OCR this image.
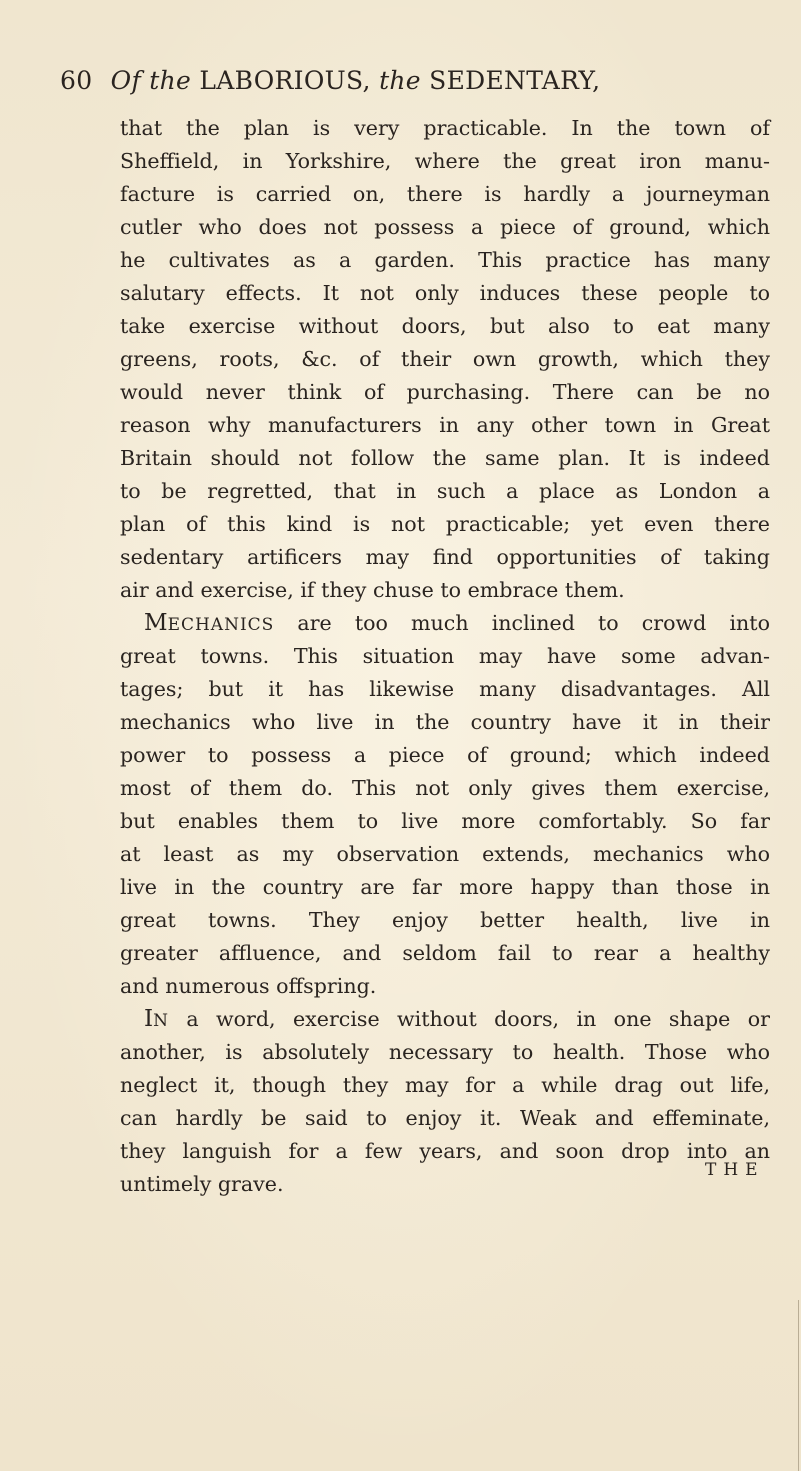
60 Of the LABORIOUS, the SEDENTARY,
that the plan is very practicable. In the town of
Sheffield, in Yorkshire, where the great iron manu-
facture is carried on, there is hardly a journeyman
cutler who does not possess a piece of ground, which
he cultivates as a garden. This practice has many
salutary effects. It not only induces these people to
take exercise without doors, but also to eat many
greens, roots, &c. of their own growth, which they
would never think of purchasing. There can be no
reason why manufacturers in any other town in Great
Britain should not follow the same plan. It is indeed
to be regretted, that in such a place as London a
plan of this kind is not practicable; yet even there
sedentary artificers may find opportunities of taking
air and exercise, if they chuse to embrace them.
MECHANICS are too much inclined to crowd into
great towns. This situation may have some advan-
tages; but it has likewise many disadvantages. All
mechanics who live in the country have it in their
power to possess a piece of ground; which indeed
most of them do. This not only gives them exercise,
but enables them to live more comfortably. So far
at least as my observation extends, mechanics who
live in the country are far more happy than those in
great towns. They enjoy better health, live in
greater affluence, and seldom fail to rear a healthy
and numerous offspring.
IN a word, exercise without doors, in one shape or
another, is absolutely necessary to health. Those who
neglect it, though they may for a while drag out life,
can hardly be said to enjoy it. Weak and effeminate,
they languish for a few years, and soon drop into an
untimely grave.
THE
